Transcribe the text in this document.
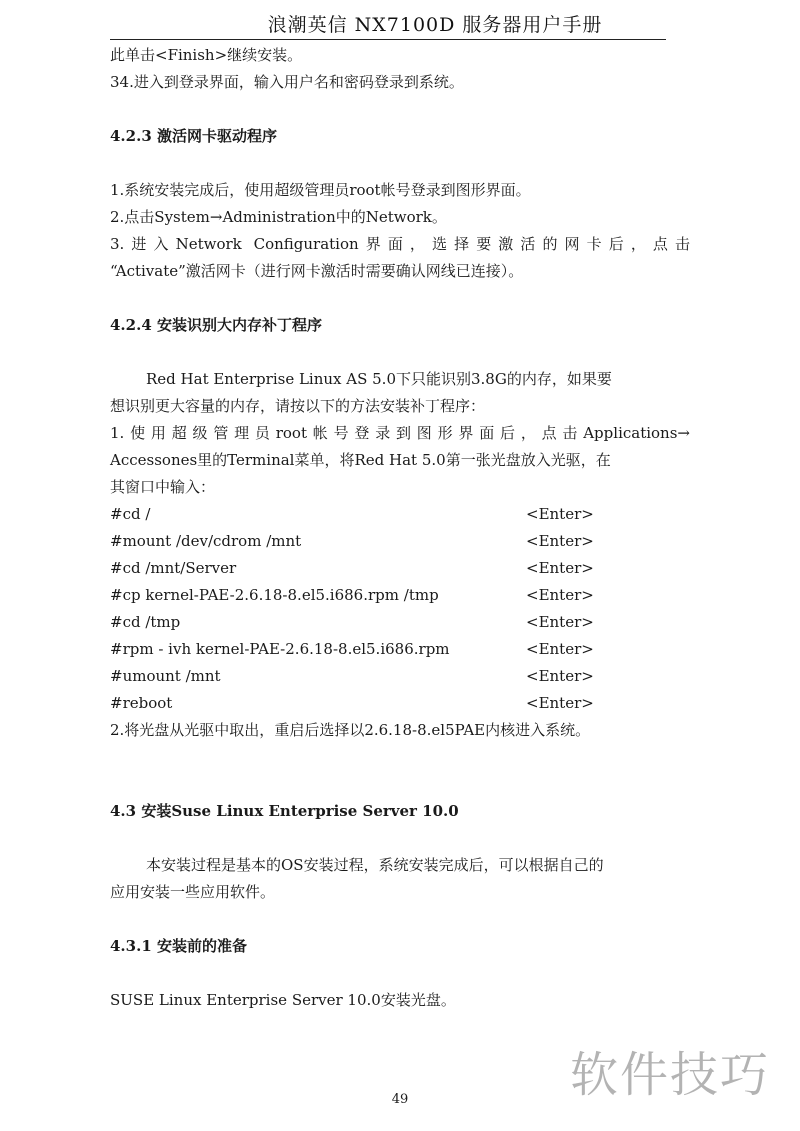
浪潮英信 NX7100D 服务器用户手册

此单击<Finish>继续安装。

34.进入到登录界面，输入用户名和密码登录到系统。

4.2.3 激活网卡驱动程序

1.系统安装完成后，使用超级管理员root帐号登录到图形界面。

2.点击System→Administration中的Network。

3.进入Network Configuration界面，选择要激活的网卡后，点击

“Activate”激活网卡（进行网卡激活时需要确认网线已连接）。

4.2.4 安装识别大内存补丁程序

Red Hat Enterprise Linux AS 5.0下只能识别3.8G的内存，如果要

想识别更大容量的内存，请按以下的方法安装补丁程序：

1.使用超级管理员root帐号登录到图形界面后，点击Applications→

Accessones里的Terminal菜单，将Red Hat 5.0第一张光盘放入光驱，在

其窗口中输入：

#cd /	<Enter>
#mount /dev/cdrom /mnt	<Enter>
#cd /mnt/Server	<Enter>
#cp kernel-PAE-2.6.18-8.el5.i686.rpm /tmp	<Enter>
#cd /tmp	<Enter>
#rpm - ivh kernel-PAE-2.6.18-8.el5.i686.rpm	<Enter>
#umount /mnt	<Enter>
#reboot	<Enter>

2.将光盘从光驱中取出，重启后选择以2.6.18-8.el5PAE内核进入系统。

4.3 安装Suse Linux Enterprise Server 10.0

本安装过程是基本的OS安装过程，系统安装完成后，可以根据自己的

应用安装一些应用软件。

4.3.1 安装前的准备

SUSE Linux Enterprise Server 10.0安装光盘。

49	软件技巧
